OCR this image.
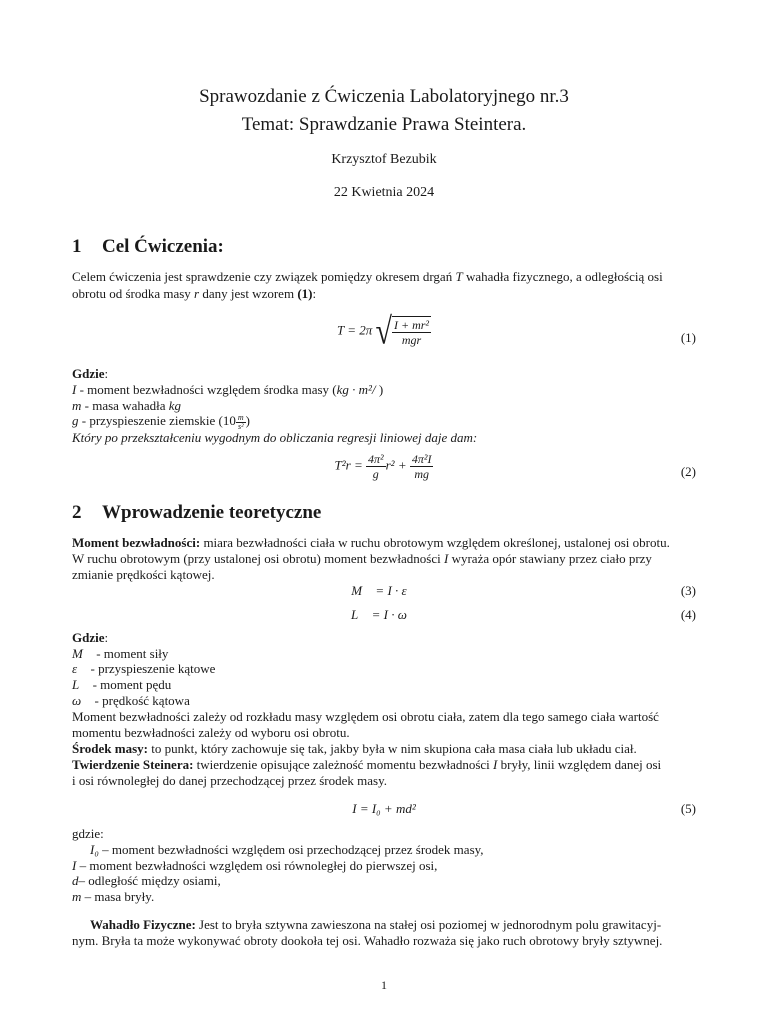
Sprawozdanie z Ćwiczenia Labolatoryjnego nr.3
Temat: Sprawdzanie Prawa Steintera.
Krzysztof Bezubik
22 Kwietnia 2024
1 Cel Ćwiczenia:
Celem ćwiczenia jest sprawdzenie czy związek pomiędzy okresem drgań T wahadła fizycznego, a odległością osi
obrotu od środka masy r dany jest wzorem (1):
T = 2π √ $\frac{\text{I + mr²}}{\text{mgr}}$	(1)
Gdzie:
I - moment bezwładności względem środka masy (kg · m²/ )
m - masa wahadła kg
g - przyspieszenie ziemskie ($10 \frac{m}{\text{s²}}$ )
Który po przekształceniu wygodnym do obliczania regresji liniowej daje dam:
$T^2r = \frac{\text{4π²}}{g} r^2 + \frac{\text{4π²I}}{mg}$	(2)
2 Wprowadzenie teoretyczne
Moment bezwładności: miara bezwładności ciała w ruchu obrotowym względem określonej, ustalonej osi obrotu.
W ruchu obrotowym (przy ustalonej osi obrotu) moment bezwładności I wyraża opór stawiany przez ciało przy
zmianie prędkości kątowej.
M⃗ = I · ε⃗	(3)
L⃗ = I · ω⃗	(4)
Gdzie:
M⃗ - moment siły
ε⃗ - przyspieszenie kątowe
L⃗ - moment pędu
ω⃗ - prędkość kątowa
Moment bezwładności zależy od rozkładu masy względem osi obrotu ciała, zatem dla tego samego ciała wartość
momentu bezwładności zależy od wyboru osi obrotu.
Środek masy: to punkt, który zachowuje się tak, jakby była w nim skupiona cała masa ciała lub układu ciał.
Twierdzenie Steinera: twierdzenie opisujące zależność momentu bezwładności I bryły, linii względem danej osi
i osi równoległej do danej przechodzącej przez środek masy.
I = I₀ + md²	(5)
gdzie:
I₀ – moment bezwładności względem osi przechodzącej przez środek masy,
I – moment bezwładności względem osi równoległej do pierwszej osi,
d– odległość między osiami,
m – masa bryły.
Wahadło Fizyczne: Jest to bryła sztywna zawieszona na stałej osi poziomej w jednorodnym polu grawitacyj-
nym. Bryła ta może wykonywać obroty dookoła tej osi. Wahadło rozważa się jako ruch obrotowy bryły sztywnej.
1
